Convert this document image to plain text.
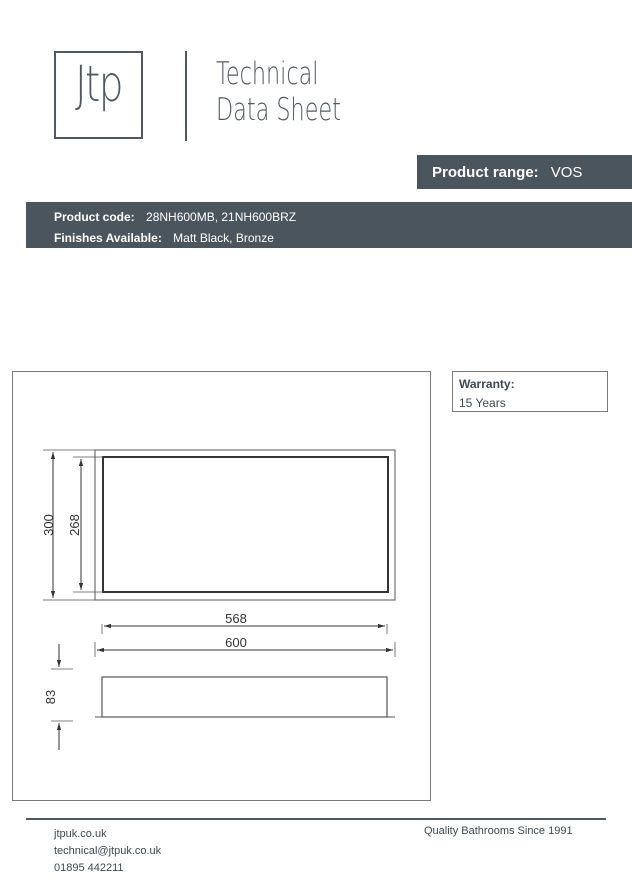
Jtp	Technical
Data Sheet
Product range: VOS
Product code: 28NH600MB, 21NH600BRZ
Finishes Available: Matt Black, Bronze
300 268
568
600
83
Warranty:
15 Years
jtpuk.co.uk
technical@jtpuk.co.uk
01895 442211
Quality Bathrooms Since 1991
